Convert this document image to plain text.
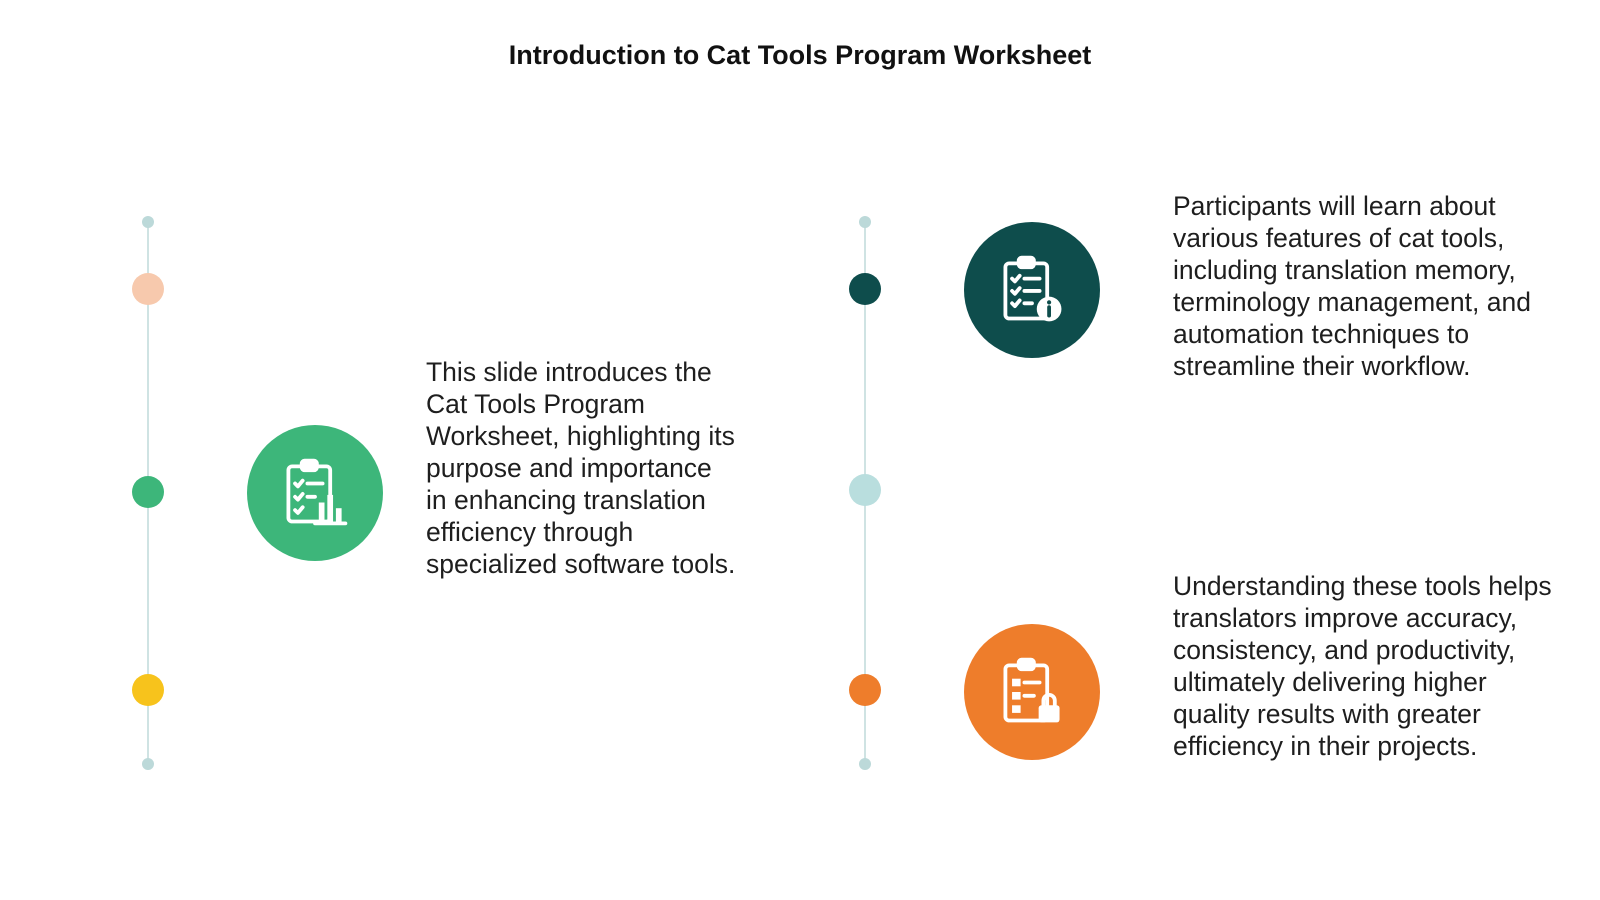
Introduction to Cat Tools Program Worksheet

This slide introduces the Cat Tools Program Worksheet, highlighting its purpose and importance in enhancing translation efficiency through specialized software tools.

Participants will learn about various features of cat tools, including translation memory, terminology management, and automation techniques to streamline their workflow.

Understanding these tools helps translators improve accuracy, consistency, and productivity, ultimately delivering higher quality results with greater efficiency in their projects.
